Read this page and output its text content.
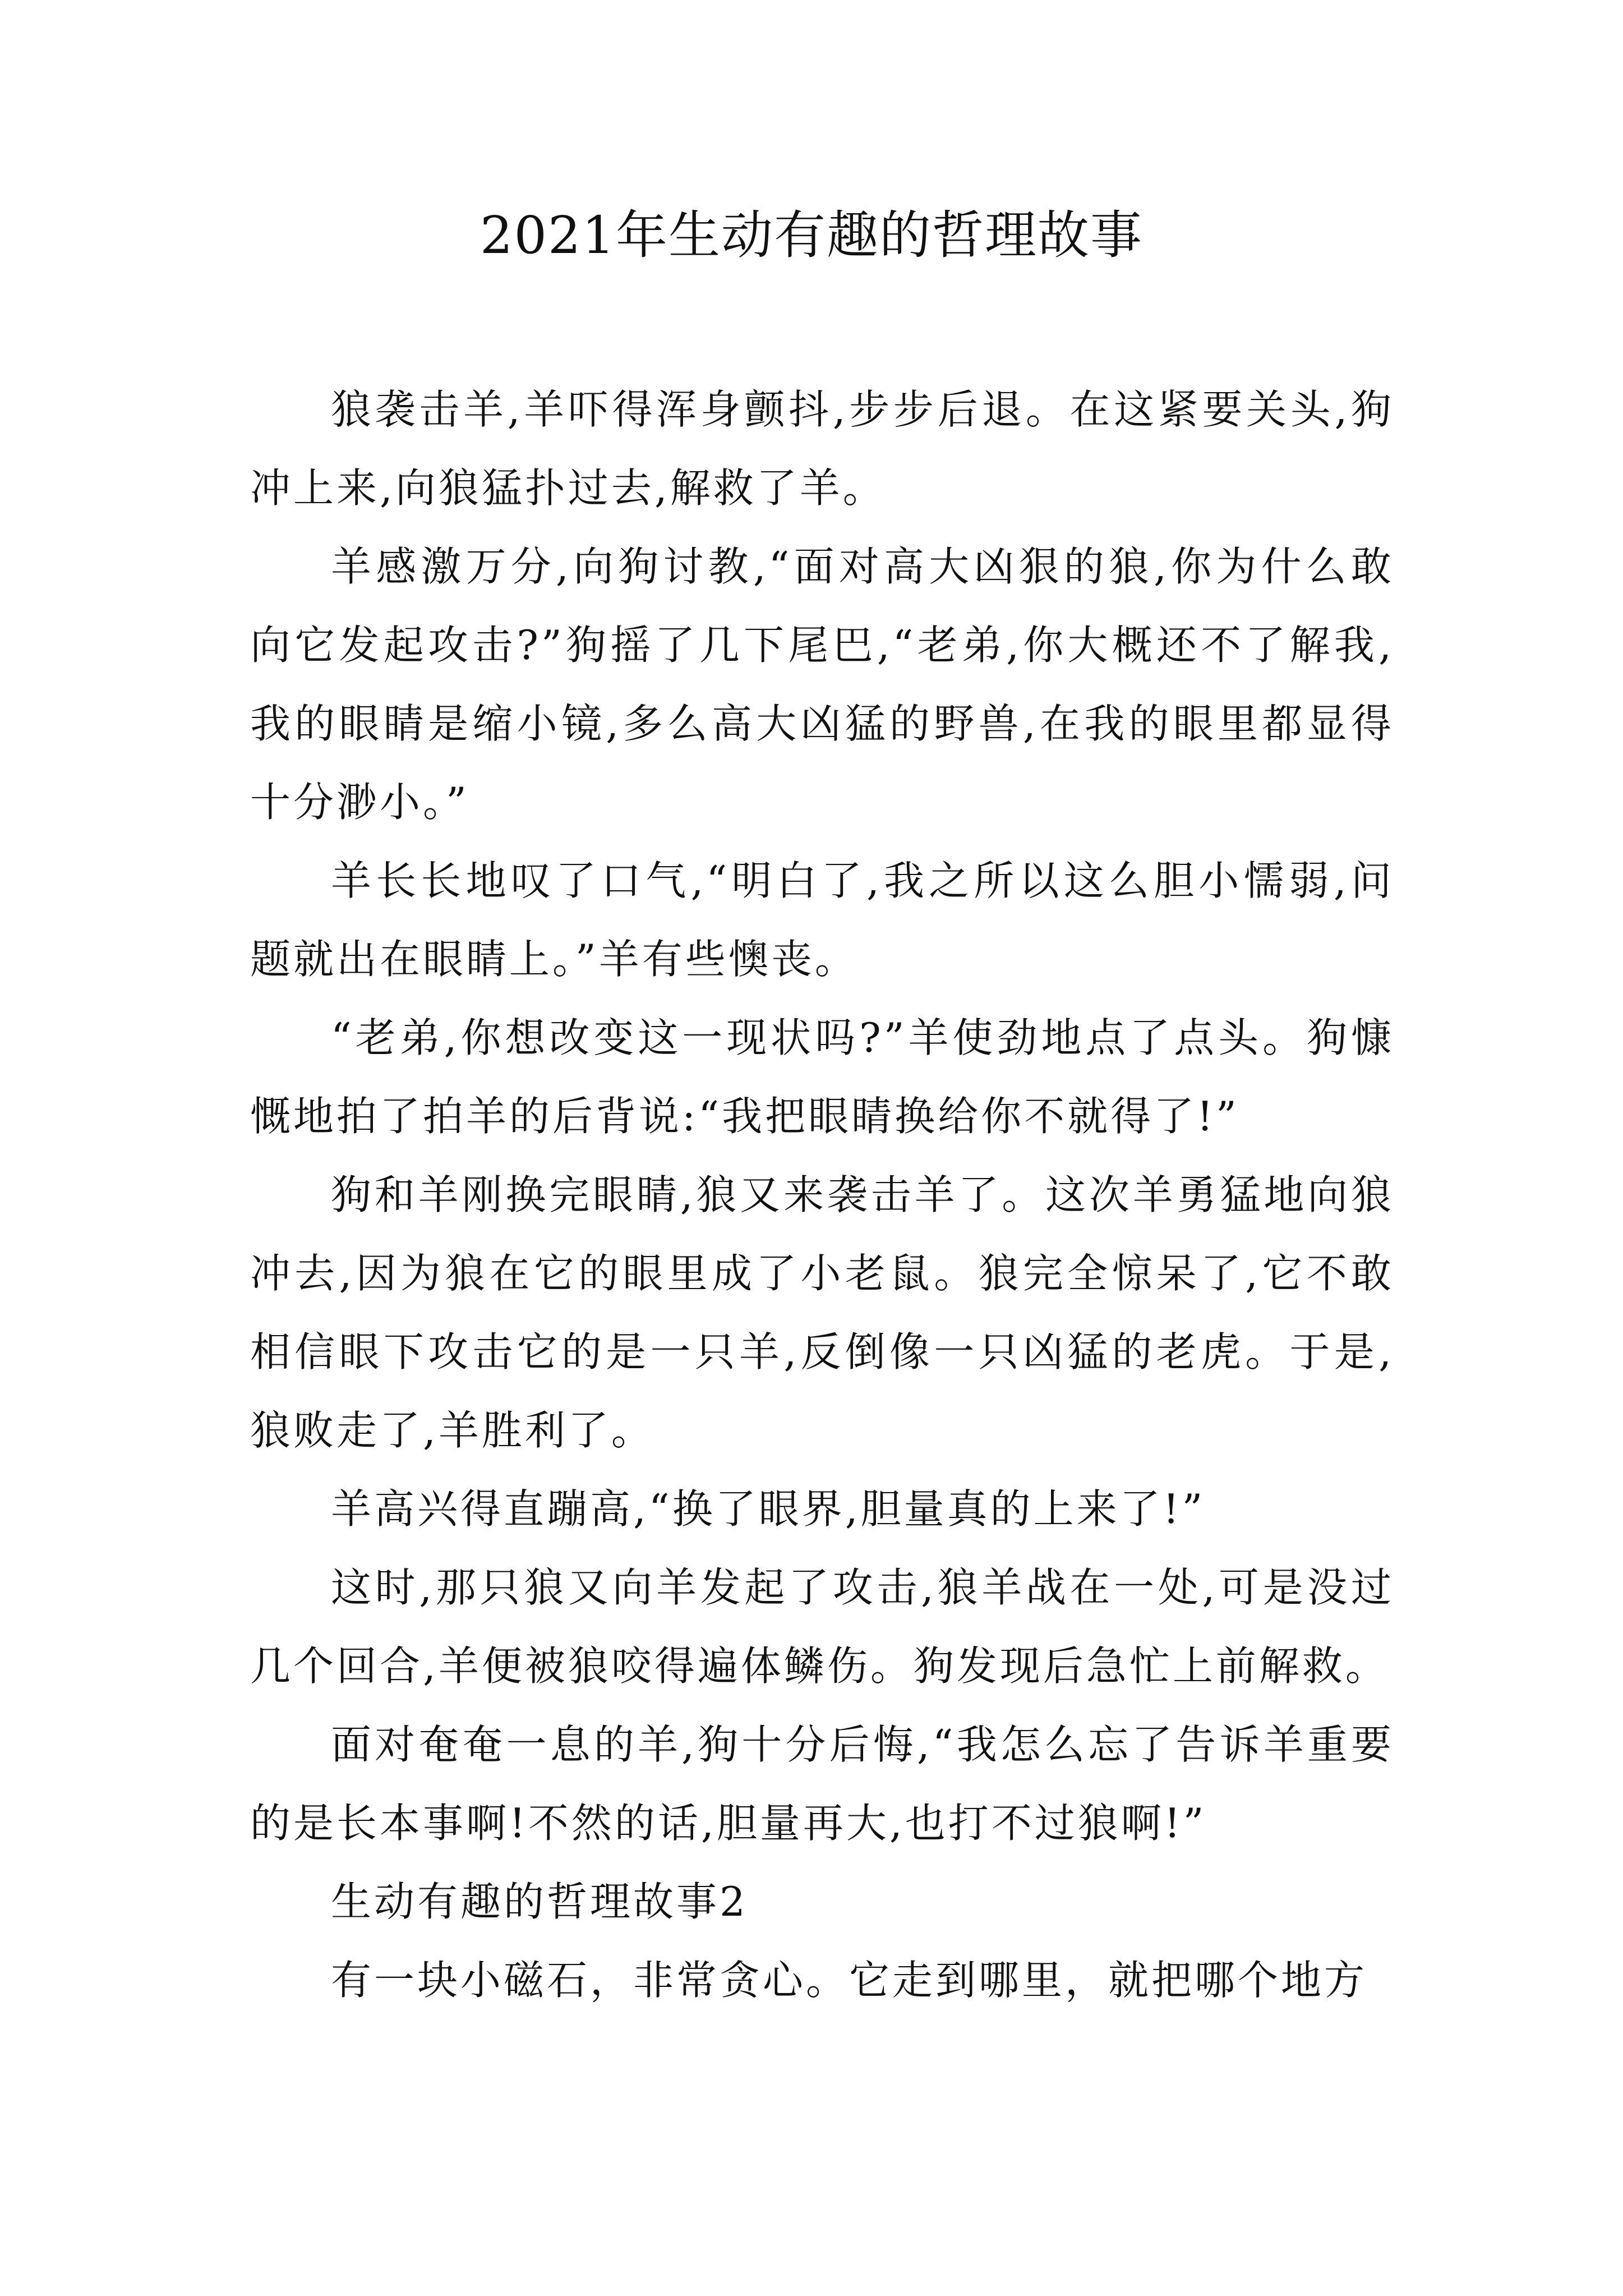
2021年生动有趣的哲理故事

狼袭击羊,羊吓得浑身颤抖,步步后退。在这紧要关头,狗冲上来,向狼猛扑过去,解救了羊。

羊感激万分,向狗讨教,“面对高大凶狠的狼,你为什么敢向它发起攻击?”狗摇了几下尾巴,“老弟,你大概还不了解我,我的眼睛是缩小镜,多么高大凶猛的野兽,在我的眼里都显得十分渺小。”

羊长长地叹了口气,“明白了,我之所以这么胆小懦弱,问题就出在眼睛上。”羊有些懊丧。

“老弟,你想改变这一现状吗?”羊使劲地点了点头。狗慷慨地拍了拍羊的后背说:“我把眼睛换给你不就得了!”

狗和羊刚换完眼睛,狼又来袭击羊了。这次羊勇猛地向狼冲去,因为狼在它的眼里成了小老鼠。狼完全惊呆了,它不敢相信眼下攻击它的是一只羊,反倒像一只凶猛的老虎。于是,狼败走了,羊胜利了。

羊高兴得直蹦高,“换了眼界,胆量真的上来了!”

这时,那只狼又向羊发起了攻击,狼羊战在一处,可是没过几个回合,羊便被狼咬得遍体鳞伤。狗发现后急忙上前解救。

面对奄奄一息的羊,狗十分后悔,“我怎么忘了告诉羊重要的是长本事啊!不然的话,胆量再大,也打不过狼啊!”

生动有趣的哲理故事2

有一块小磁石，非常贪心。它走到哪里，就把哪个地方
